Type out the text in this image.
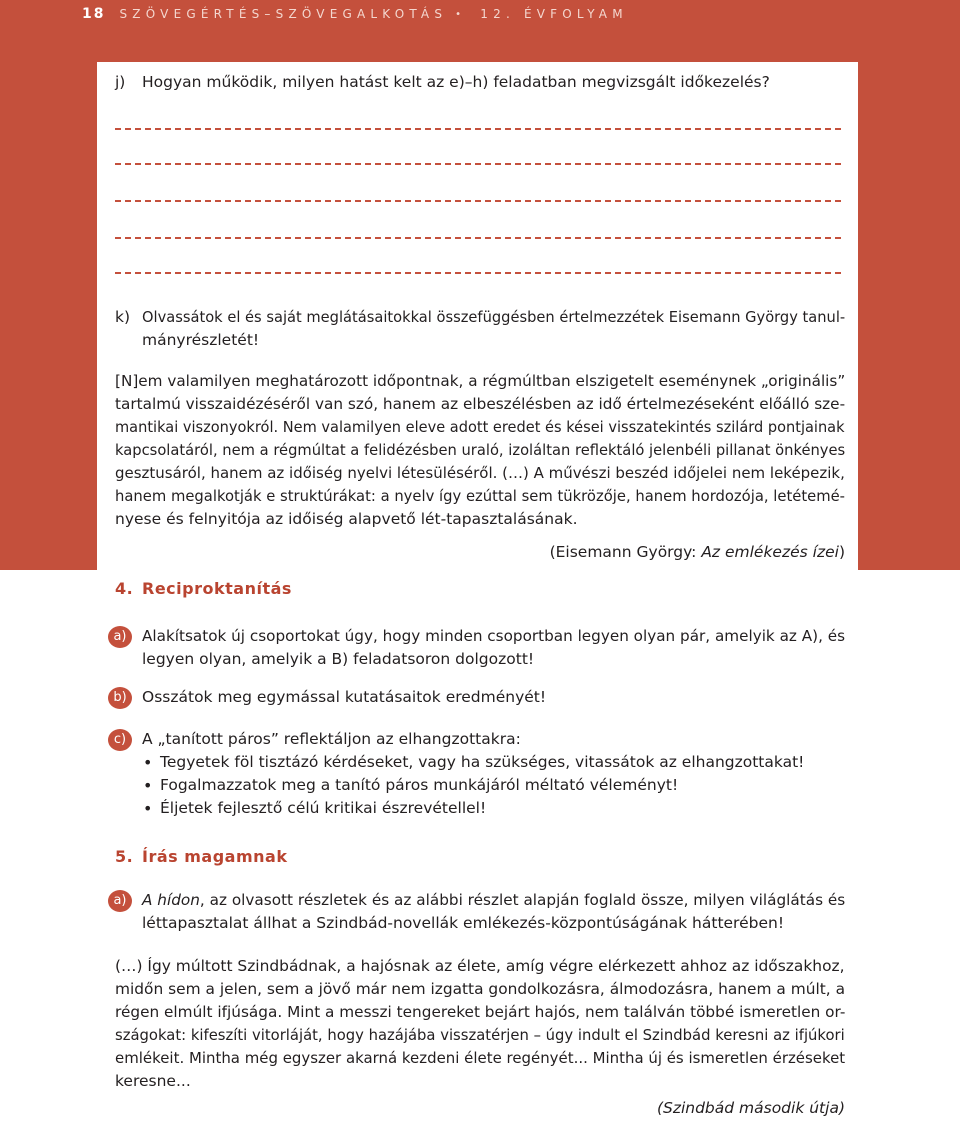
18 SZÖVEGÉRTÉS–SZÖVEGALKOTÁS • 12. ÉVFOLYAM
j) Hogyan működik, milyen hatást kelt az e)–h) feladatban megvizsgált időkezelés?
k) Olvassátok el és saját meglátásaitokkal összefüggésben értelmezzétek Eisemann György tanul-
mányrészletét!
[N]em valamilyen meghatározott időpontnak, a régmúltban elszigetelt eseménynek „originális”
tartalmú visszaidézéséről van szó, hanem az elbeszélésben az idő értelmezéseként előálló sze-
mantikai viszonyokról. Nem valamilyen eleve adott eredet és kései visszatekintés szilárd pontjainak
kapcsolatáról, nem a régmúltat a felidézésben uraló, izoláltan reflektáló jelenbéli pillanat önkényes
gesztusáról, hanem az időiség nyelvi létesüléséről. (…) A művészi beszéd időjelei nem leképezik,
hanem megalkotják e struktúrákat: a nyelv így ezúttal sem tükrözője, hanem hordozója, letétemé-
nyese és felnyitója az időiség alapvető lét-tapasztalásának.
(Eisemann György: Az emlékezés ízei)
4. Reciproktanítás
a) Alakítsatok új csoportokat úgy, hogy minden csoportban legyen olyan pár, amelyik az A), és
legyen olyan, amelyik a B) feladatsoron dolgozott!
b) Osszátok meg egymással kutatásaitok eredményét!
c)	A „tanított páros” reflektáljon az elhangzottakra:
• Tegyetek föl tisztázó kérdéseket, vagy ha szükséges, vitassátok az elhangzottakat!
• Fogalmazzatok meg a tanító páros munkájáról méltató véleményt!
• Éljetek fejlesztő célú kritikai észrevétellel!
5. Írás magamnak
a) A hídon, az olvasott részletek és az alábbi részlet alapján foglald össze, milyen világlátás és
léttapasztalat állhat a Szindbád-novellák emlékezés-központúságának hátterében!
(…) Így múltott Szindbádnak, a hajósnak az élete, amíg végre elérkezett ahhoz az időszakhoz,
midőn sem a jelen, sem a jövő már nem izgatta gondolkozásra, álmodozásra, hanem a múlt, a
régen elmúlt ifjúsága. Mint a messzi tengereket bejárt hajós, nem találván többé ismeretlen or-
szágokat: kifeszíti vitorláját, hogy hazájába visszatérjen – úgy indult el Szindbád keresni az ifjúkori
emlékeit. Mintha még egyszer akarná kezdeni élete regényét... Mintha új és ismeretlen érzéseket
keresne...
(Szindbád második útja)
